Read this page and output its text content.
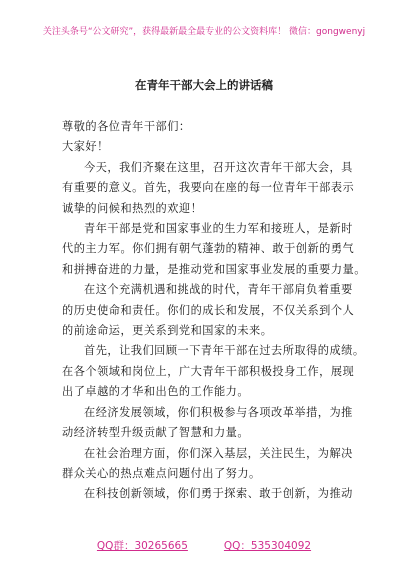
关注头条号“公文研究”，获得最新最全最专业的公文资料库！ 微信：gongwenyj
在青年干部大会上的讲话稿

尊敬的各位青年干部们：

大家好！

今天，我们齐聚在这里，召开这次青年干部大会，具

有重要的意义。首先，我要向在座的每一位青年干部表示

诚挚的问候和热烈的欢迎！

青年干部是党和国家事业的生力军和接班人，是新时

代的主力军。你们拥有朝气蓬勃的精神、敢于创新的勇气

和拼搏奋进的力量，是推动党和国家事业发展的重要力量。

在这个充满机遇和挑战的时代，青年干部肩负着重要

的历史使命和责任。你们的成长和发展，不仅关系到个人

的前途命运，更关系到党和国家的未来。

首先，让我们回顾一下青年干部在过去所取得的成绩。

在各个领域和岗位上，广大青年干部积极投身工作，展现

出了卓越的才华和出色的工作能力。

在经济发展领域，你们积极参与各项改革举措，为推

动经济转型升级贡献了智慧和力量。

在社会治理方面，你们深入基层，关注民生，为解决

群众关心的热点难点问题付出了努力。

在科技创新领域，你们勇于探索、敢于创新，为推动

QQ群：30265665	QQ：535304092
